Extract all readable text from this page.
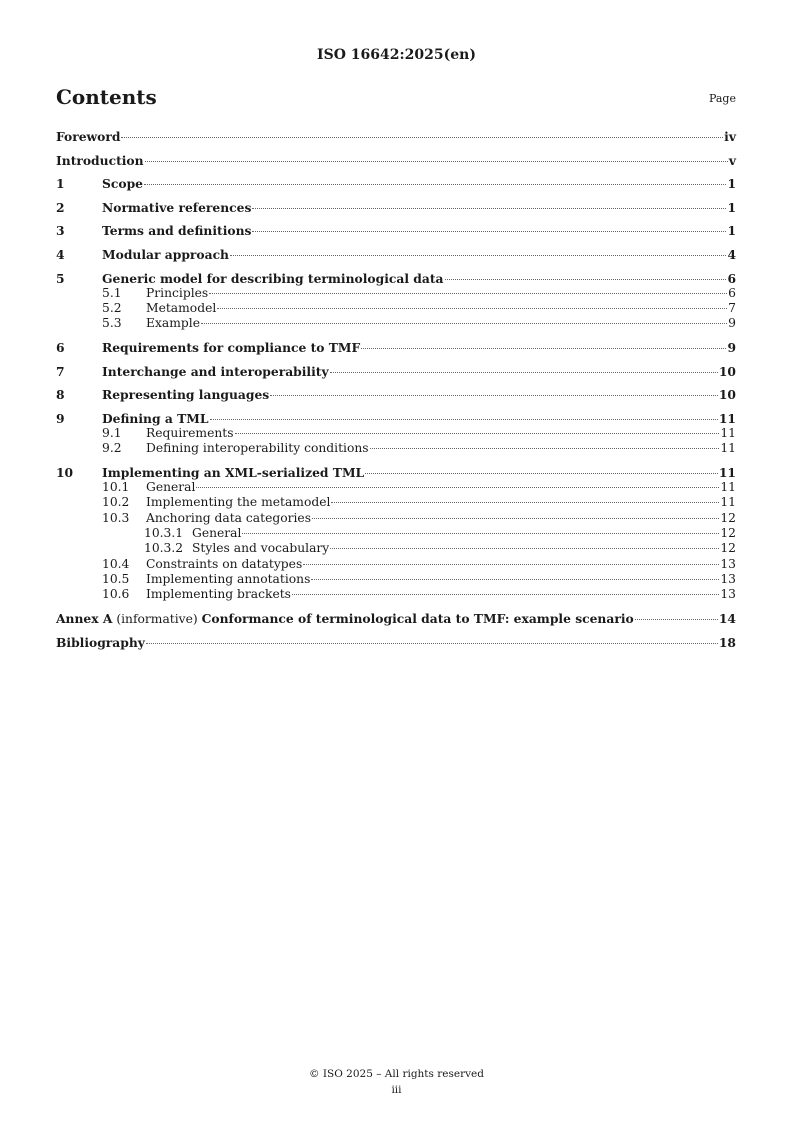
ISO 16642:2025(en)
Contents	Page
Foreword	iv
Introduction	v
1	Scope	1
2	Normative references	1
3	Terms and definitions	1
4	Modular approach	4
5	Generic model for describing terminological data	6
5.1	Principles	6
5.2	Metamodel	7
5.3	Example	9
6	Requirements for compliance to TMF	9
7	Interchange and interoperability	10
8	Representing languages	10
9	Defining a TML	11
9.1	Requirements	11
9.2	Defining interoperability conditions	11
10	Implementing an XML-serialized TML	11
10.1	General	11
10.2	Implementing the metamodel	11
10.3	Anchoring data categories	12
10.3.1 General	12
10.3.2 Styles and vocabulary	12
10.4	Constraints on datatypes	13
10.5	Implementing annotations	13
10.6	Implementing brackets	13
Annex A (informative) Conformance of terminological data to TMF: example scenario	14
Bibliography	18
© ISO 2025 – All rights reserved
iii
